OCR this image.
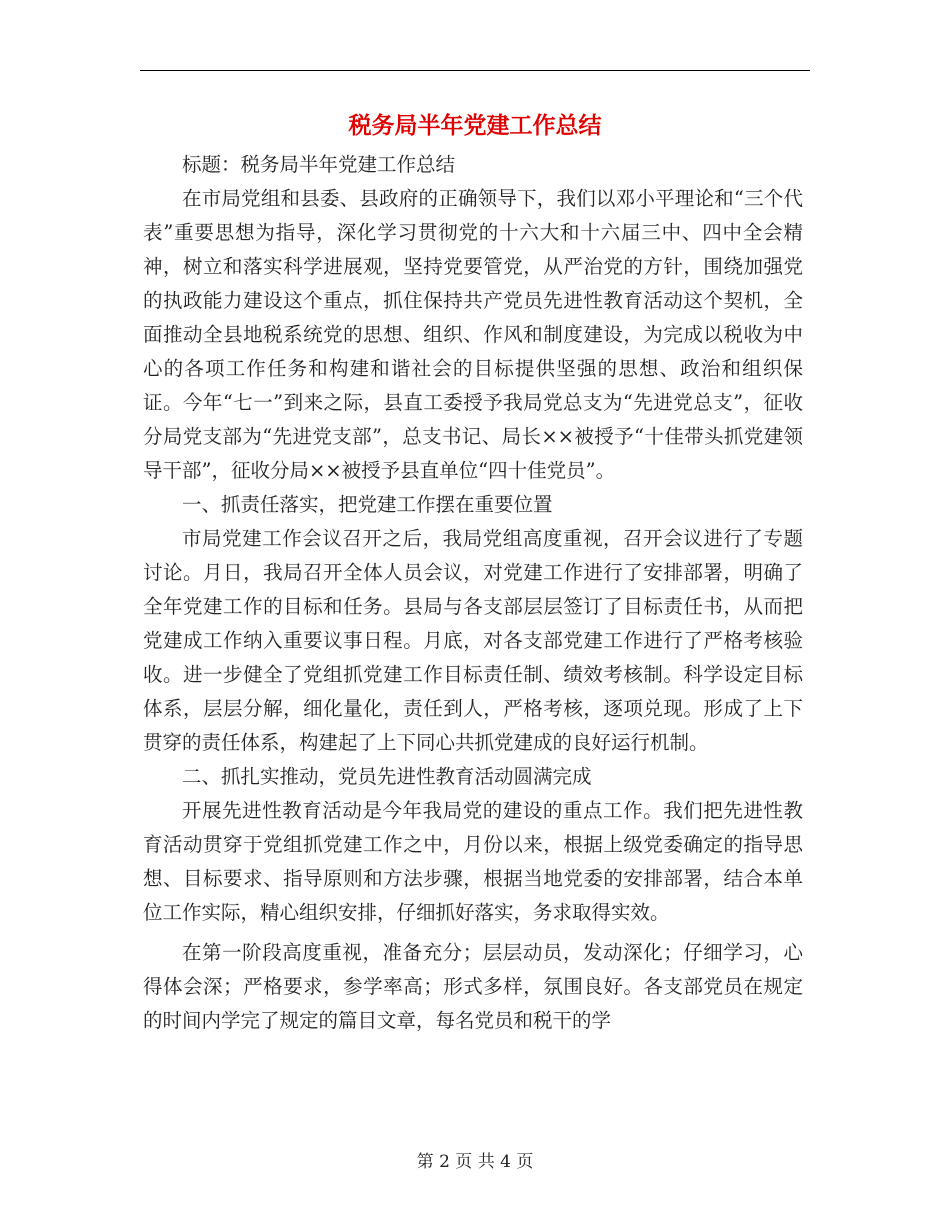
税务局半年党建工作总结

标题：税务局半年党建工作总结

在市局党组和县委、县政府的正确领导下，我们以邓小平理论和“三个代表”重要思想为指导，深化学习贯彻党的十六大和十六届三中、四中全会精神，树立和落实科学进展观，坚持党要管党，从严治党的方针，围绕加强党的执政能力建设这个重点，抓住保持共产党员先进性教育活动这个契机，全面推动全县地税系统党的思想、组织、作风和制度建设，为完成以税收为中心的各项工作任务和构建和谐社会的目标提供坚强的思想、政治和组织保证。今年“七一”到来之际，县直工委授予我局党总支为“先进党总支”，征收分局党支部为“先进党支部”，总支书记、局长××被授予“十佳带头抓党建领导干部”，征收分局××被授予县直单位“四十佳党员”。

一、抓责任落实，把党建工作摆在重要位置

市局党建工作会议召开之后，我局党组高度重视，召开会议进行了专题讨论。月日，我局召开全体人员会议，对党建工作进行了安排部署，明确了全年党建工作的目标和任务。县局与各支部层层签订了目标责任书，从而把党建成工作纳入重要议事日程。月底，对各支部党建工作进行了严格考核验收。进一步健全了党组抓党建工作目标责任制、绩效考核制。科学设定目标体系，层层分解，细化量化，责任到人，严格考核，逐项兑现。形成了上下贯穿的责任体系，构建起了上下同心共抓党建成的良好运行机制。

二、抓扎实推动，党员先进性教育活动圆满完成

开展先进性教育活动是今年我局党的建设的重点工作。我们把先进性教育活动贯穿于党组抓党建工作之中，月份以来，根据上级党委确定的指导思想、目标要求、指导原则和方法步骤，根据当地党委的安排部署，结合本单位工作实际，精心组织安排，仔细抓好落实，务求取得实效。

在第一阶段高度重视，准备充分；层层动员，发动深化；仔细学习，心得体会深；严格要求，参学率高；形式多样，氛围良好。各支部党员在规定的时间内学完了规定的篇目文章，每名党员和税干的学

第 2 页 共 4 页
